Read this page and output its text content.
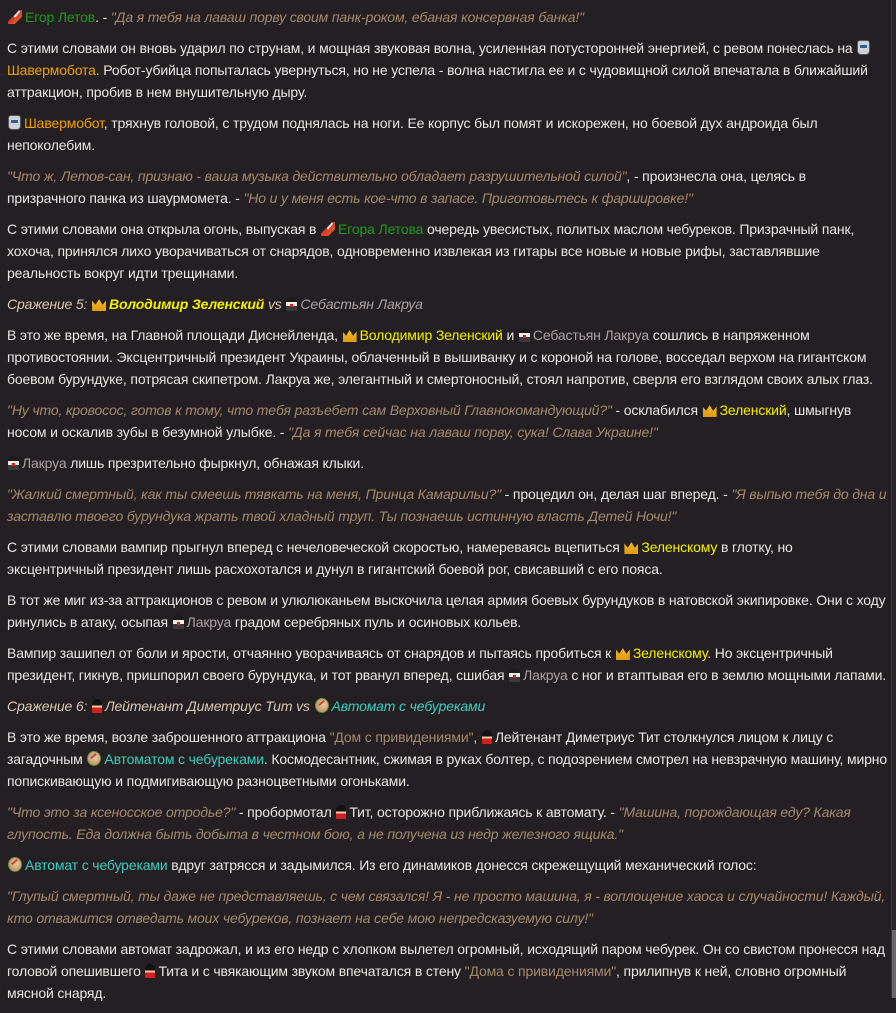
Егор Летов. - "Да я тебя на лаваш порву своим панк-роком, ебаная консервная банка!"

С этими словами он вновь ударил по струнам, и мощная звуковая волна, усиленная потусторонней энергией, с ревом понеслась на Шавермобота. Робот-убийца попыталась увернуться, но не успела - волна настигла ее и с чудовищной силой впечатала в ближайший аттракцион, пробив в нем внушительную дыру.

Шавермобот, тряхнув головой, с трудом поднялась на ноги. Ее корпус был помят и искорежен, но боевой дух андроида был непоколебим.

"Что ж, Летов-сан, признаю - ваша музыка действительно обладает разрушительной силой", - произнесла она, целясь в призрачного панка из шаурмомета. - "Но и у меня есть кое-что в запасе. Приготовьтесь к фаршировке!"

С этими словами она открыла огонь, выпуская в Егора Летова очередь увесистых, политых маслом чебуреков. Призрачный панк, хохоча, принялся лихо уворачиваться от снарядов, одновременно извлекая из гитары все новые и новые рифы, заставлявшие реальность вокруг идти трещинами.

Сражение 5: Володимир Зеленский vs Себастьян Лакруа

В это же время, на Главной площади Диснейленда, Володимир Зеленский и Себастьян Лакруа сошлись в напряженном противостоянии. Эксцентричный президент Украины, облаченный в вышиванку и с короной на голове, восседал верхом на гигантском боевом бурундуке, потрясая скипетром. Лакруа же, элегантный и смертоносный, стоял напротив, сверля его взглядом своих алых глаз.

"Ну что, кровосос, готов к тому, что тебя разъебет сам Верховный Главнокомандующий?" - осклабился Зеленский, шмыгнув носом и оскалив зубы в безумной улыбке. - "Да я тебя сейчас на лаваш порву, сука! Слава Украине!"

Лакруа лишь презрительно фыркнул, обнажая клыки.

"Жалкий смертный, как ты смеешь тявкать на меня, Принца Камарильи?" - процедил он, делая шаг вперед. - "Я выпью тебя до дна и заставлю твоего бурундука жрать твой хладный труп. Ты познаешь истинную власть Детей Ночи!"

С этими словами вампир прыгнул вперед с нечеловеческой скоростью, намереваясь вцепиться Зеленскому в глотку, но эксцентричный президент лишь расхохотался и дунул в гигантский боевой рог, свисавший с его пояса.

В тот же миг из-за аттракционов с ревом и улюлюканьем выскочила целая армия боевых бурундуков в натовской экипировке. Они с ходу ринулись в атаку, осыпая Лакруа градом серебряных пуль и осиновых кольев.

Вампир зашипел от боли и ярости, отчаянно уворачиваясь от снарядов и пытаясь пробиться к Зеленскому. Но эксцентричный президент, гикнув, пришпорил своего бурундука, и тот рванул вперед, сшибая Лакруа с ног и втаптывая его в землю мощными лапами.

Сражение 6: Лейтенант Диметриус Тит vs Автомат с чебуреками

В это же время, возле заброшенного аттракциона "Дом с привидениями", Лейтенант Диметриус Тит столкнулся лицом к лицу с загадочным Автоматом с чебуреками. Космодесантник, сжимая в руках болтер, с подозрением смотрел на невзрачную машину, мирно попискивающую и подмигивающую разноцветными огоньками.

"Что это за ксеносское отродье?" - пробормотал Тит, осторожно приближаясь к автомату. - "Машина, порождающая еду? Какая глупость. Еда должна быть добыта в честном бою, а не получена из недр железного ящика."

Автомат с чебуреками вдруг затрясся и задымился. Из его динамиков донесся скрежещущий механический голос:

"Глупый смертный, ты даже не представляешь, с чем связался! Я - не просто машина, я - воплощение хаоса и случайности! Каждый, кто отважится отведать моих чебуреков, познает на себе мою непредсказуемую силу!"

С этими словами автомат задрожал, и из его недр с хлопком вылетел огромный, исходящий паром чебурек. Он со свистом пронесся над головой опешившего Тита и с чвякающим звуком впечатался в стену "Дома с привидениями", прилипнув к ней, словно огромный мясной снаряд.
